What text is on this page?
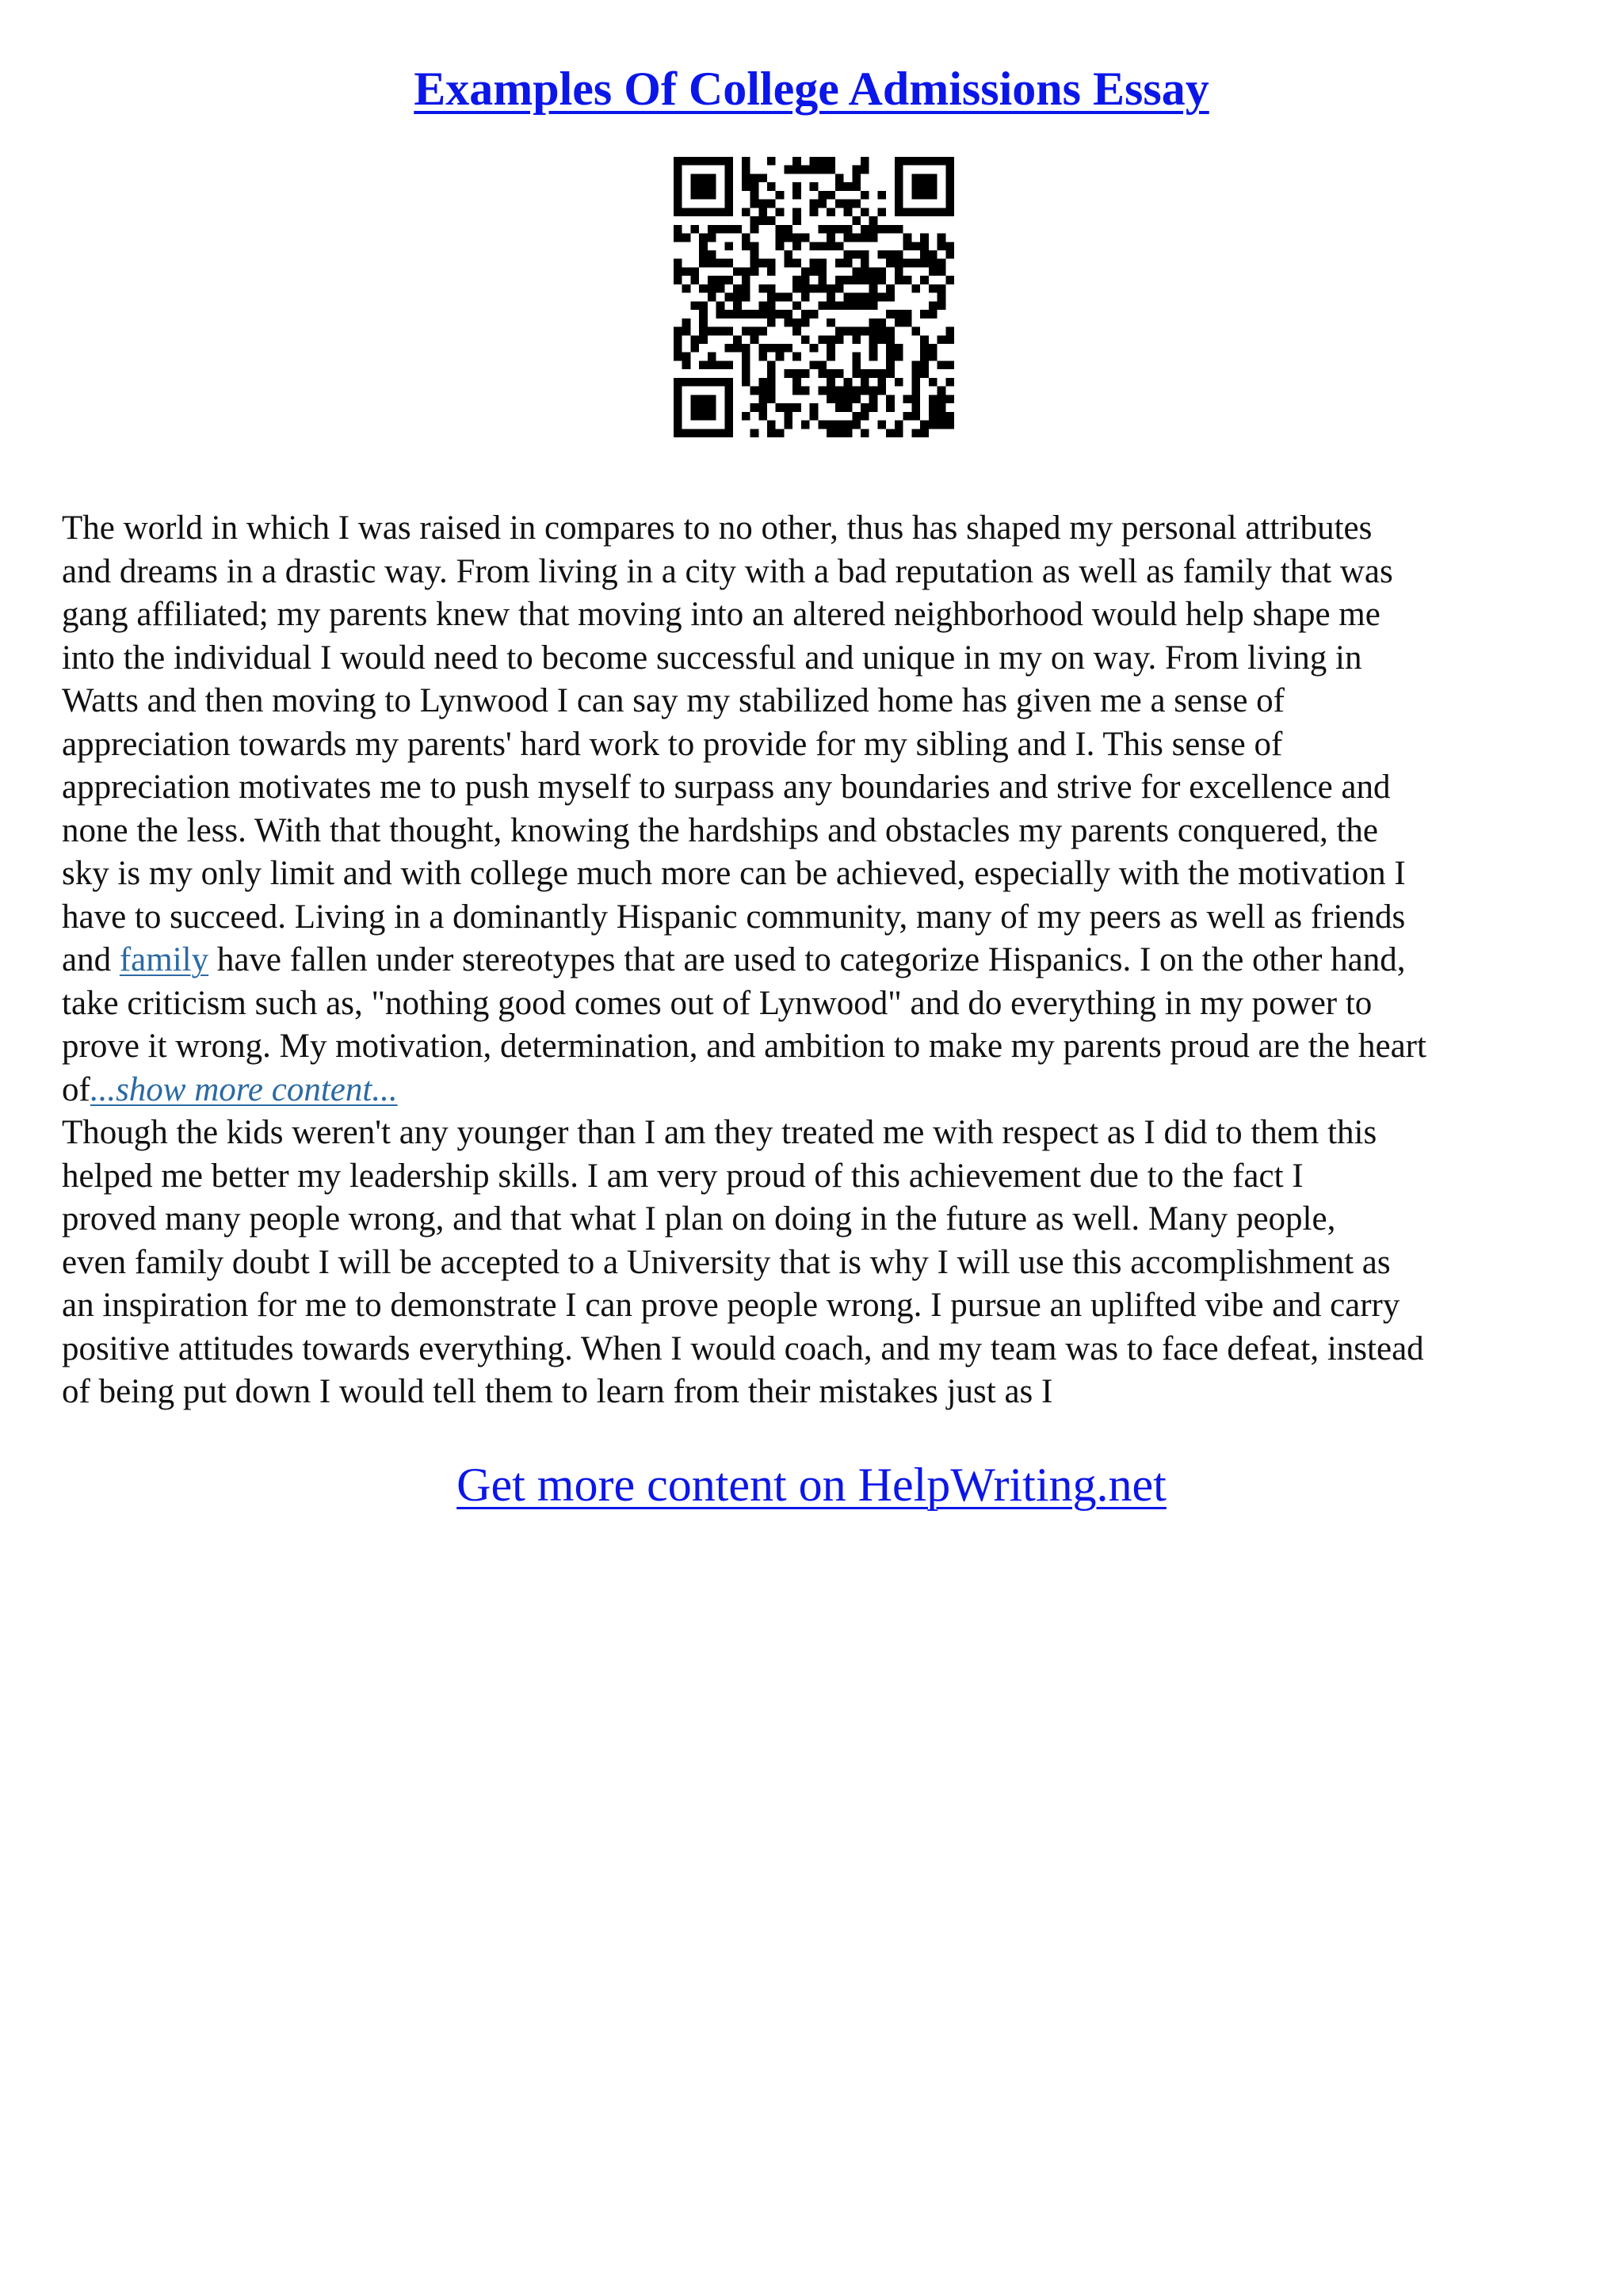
Examples Of College Admissions Essay

The world in which I was raised in compares to no other, thus has shaped my personal attributes
and dreams in a drastic way. From living in a city with a bad reputation as well as family that was
gang affiliated; my parents knew that moving into an altered neighborhood would help shape me
into the individual I would need to become successful and unique in my on way. From living in
Watts and then moving to Lynwood I can say my stabilized home has given me a sense of
appreciation towards my parents' hard work to provide for my sibling and I. This sense of
appreciation motivates me to push myself to surpass any boundaries and strive for excellence and
none the less. With that thought, knowing the hardships and obstacles my parents conquered, the
sky is my only limit and with college much more can be achieved, especially with the motivation I
have to succeed. Living in a dominantly Hispanic community, many of my peers as well as friends
and family have fallen under stereotypes that are used to categorize Hispanics. I on the other hand,
take criticism such as, "nothing good comes out of Lynwood" and do everything in my power to
prove it wrong. My motivation, determination, and ambition to make my parents proud are the heart
of...show more content...

Though the kids weren't any younger than I am they treated me with respect as I did to them this
helped me better my leadership skills. I am very proud of this achievement due to the fact I
proved many people wrong, and that what I plan on doing in the future as well. Many people,
even family doubt I will be accepted to a University that is why I will use this accomplishment as
an inspiration for me to demonstrate I can prove people wrong. I pursue an uplifted vibe and carry
positive attitudes towards everything. When I would coach, and my team was to face defeat, instead
of being put down I would tell them to learn from their mistakes just as I

Get more content on HelpWriting.net
